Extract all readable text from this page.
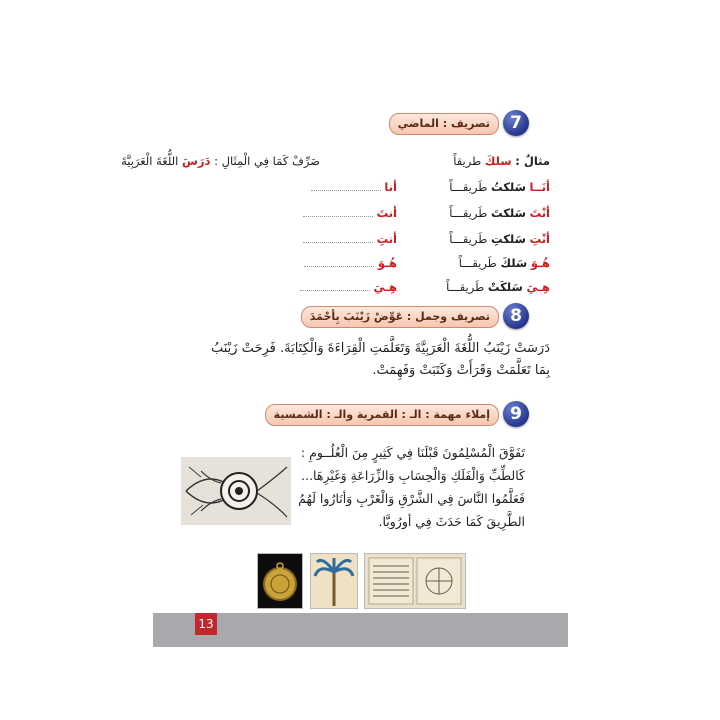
7
تصريف : الماضي
مثالٌ : سلكَ طريقاً
صَرِّفْ كَمَا فِي الْمِثَالِ : دَرَسَ اللُّغَةَ الْعَرَبِيَّةَ
أنَــا سَلكتُ طَريقـــاً
أنا
أنْتَ سَلكتَ طَريقـــاً
أنتَ
أنْتِ سَلكتِ طَريقـــاً
أنتِ
هُـوَ سَلكَ طَريقـــاً
هُـوَ
هِـيَ سَلكَتْ طَريقـــاً
هِـيَ
8
تصريف وجمل : عَوِّضْ زَيْنَبَ بِأحْمَدَ
دَرَسَتْ زَيْنَبُ اللُّغَةَ الْعَرَبِيَّةَ وَتَعَلَّمَتِ الْقِرَاءَةَ وَالْكِتَابَةَ. فَرِحَتْ زَيْنَبُ
بِمَا تَعَلَّمَتْ وَقَرَأَتْ وَكَتَبَتْ وَفَهِمَتْ.
9
إملاء مهمة : الـ : القمرية والـ : الشمسية
تَفَوَّقَ الْمُسْلِمُونَ قَبْلَنَا فِي كَثِيرٍ مِنَ الْعُلُــومِ :
كَالطِّبِّ وَالْفَلَكِ وَالْحِسَابِ وَالزِّرَاعَةِ وَغَيْرِهَا...
فَعَلَّمُوا النَّاسَ فِي الشَّرْقِ وَالْغَرْبِ وَأنَارُوا لَهُمُ
الطَّرِيقَ كَمَا حَدَثَ فِي أورُوبَّا.
13
